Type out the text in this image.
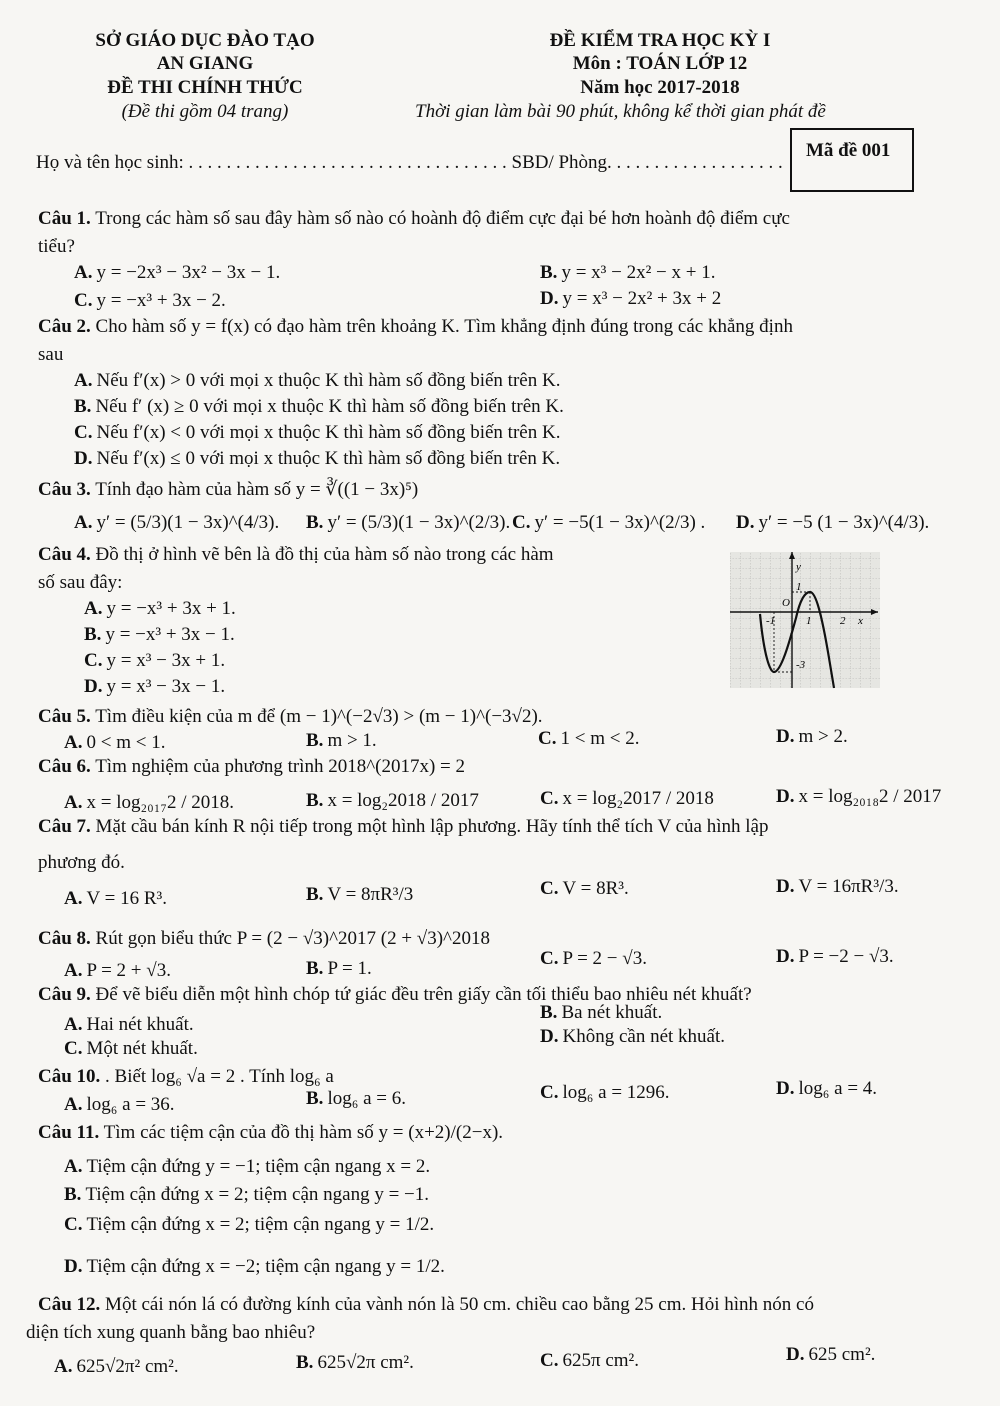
SỞ GIÁO DỤC ĐÀO TẠO
AN GIANG
ĐỀ THI CHÍNH THỨC
(Đề thi gồm 04 trang)
ĐỀ KIỂM TRA HỌC KỲ I
Môn : TOÁN LỚP 12
Năm học 2017-2018
Thời gian làm bài 90 phút, không kể thời gian phát đề
Họ và tên học sinh: . . . . . . . . . . . . . . . . . . . . . . . . . . . . . . . . . . SBD/ Phòng. . . . . . . . . . . . . . . . . . .
Mã đề 001
Câu 1. Trong các hàm số sau đây hàm số nào có hoành độ điểm cực đại bé hơn hoành độ điểm cực
tiểu?
A. y = −2x³ − 3x² − 3x − 1.	B. y = x³ − 2x² − x + 1.
C. y = −x³ + 3x − 2.	D. y = x³ − 2x² + 3x + 2
Câu 2. Cho hàm số y = f(x) có đạo hàm trên khoảng K. Tìm khẳng định đúng trong các khẳng định
sau
A. Nếu f′(x) > 0 với mọi x thuộc K thì hàm số đồng biến trên K.
B. Nếu f′ (x) ≥ 0 với mọi x thuộc K thì hàm số đồng biến trên K.
C. Nếu f′(x) < 0 với mọi x thuộc K thì hàm số đồng biến trên K.
D. Nếu f′(x) ≤ 0 với mọi x thuộc K thì hàm số đồng biến trên K.
Câu 3. Tính đạo hàm của hàm số y = ∛((1 − 3x)⁵)
A. y′ = (5/3)(1 − 3x)^(4/3). B. y′ = (5/3)(1 − 3x)^(2/3). C. y′ = −5(1 − 3x)^(2/3) . D. y′ = −5 (1 − 3x)^(4/3).
Câu 4. Đồ thị ở hình vẽ bên là đồ thị của hàm số nào trong các hàm
số sau đây:
A. y = −x³ + 3x + 1.
B. y = −x³ + 3x − 1.
C. y = x³ − 3x + 1.
D. y = x³ − 3x − 1.
y
1
O
-1	1	2 x
-3
Câu 5. Tìm điều kiện của m để (m − 1)^(−2√3) > (m − 1)^(−3√2).
A. 0 < m < 1.	B. m > 1.	C. 1 < m < 2.	D. m > 2.
Câu 6. Tìm nghiệm của phương trình 2018^(2017x) = 2
A. x = log₂₀₁₇2 / 2018.	B. x = log₂2018 / 2017	C. x = log₂2017 / 2018	D. x = log₂₀₁₈2 / 2017
Câu 7. Mặt cầu bán kính R nội tiếp trong một hình lập phương. Hãy tính thể tích V của hình lập
phương đó.
A. V = 16 R³.	B. V = 8πR³/3	C. V = 8R³.	D. V = 16πR³/3.
Câu 8. Rút gọn biểu thức P = (2 − √3)^2017 (2 + √3)^2018
A. P = 2 + √3.	B. P = 1.	C. P = 2 − √3.	D. P = −2 − √3.
Câu 9. Để vẽ biểu diễn một hình chóp tứ giác đều trên giấy cần tối thiểu bao nhiêu nét khuất?
A. Hai nét khuất.
B. Ba nét khuất.
C. Một nét khuất.
D. Không cần nét khuất.
Câu 10. . Biết log₆ √a = 2 . Tính log₆ a
A. log₆ a = 36.	B. log₆ a = 6.	C. log₆ a = 1296.	D. log₆ a = 4.
Câu 11. Tìm các tiệm cận của đồ thị hàm số y = (x+2)/(2−x).
A. Tiệm cận đứng y = −1; tiệm cận ngang x = 2.
B. Tiệm cận đứng x = 2; tiệm cận ngang y = −1.
C. Tiệm cận đứng x = 2; tiệm cận ngang y = 1/2.
D. Tiệm cận đứng x = −2; tiệm cận ngang y = 1/2.
Câu 12. Một cái nón lá có đường kính của vành nón là 50 cm. chiều cao bằng 25 cm. Hỏi hình nón có
diện tích xung quanh bằng bao nhiêu?
A. 625√2π² cm².	B. 625√2π cm².	C. 625π cm².	D. 625 cm².
